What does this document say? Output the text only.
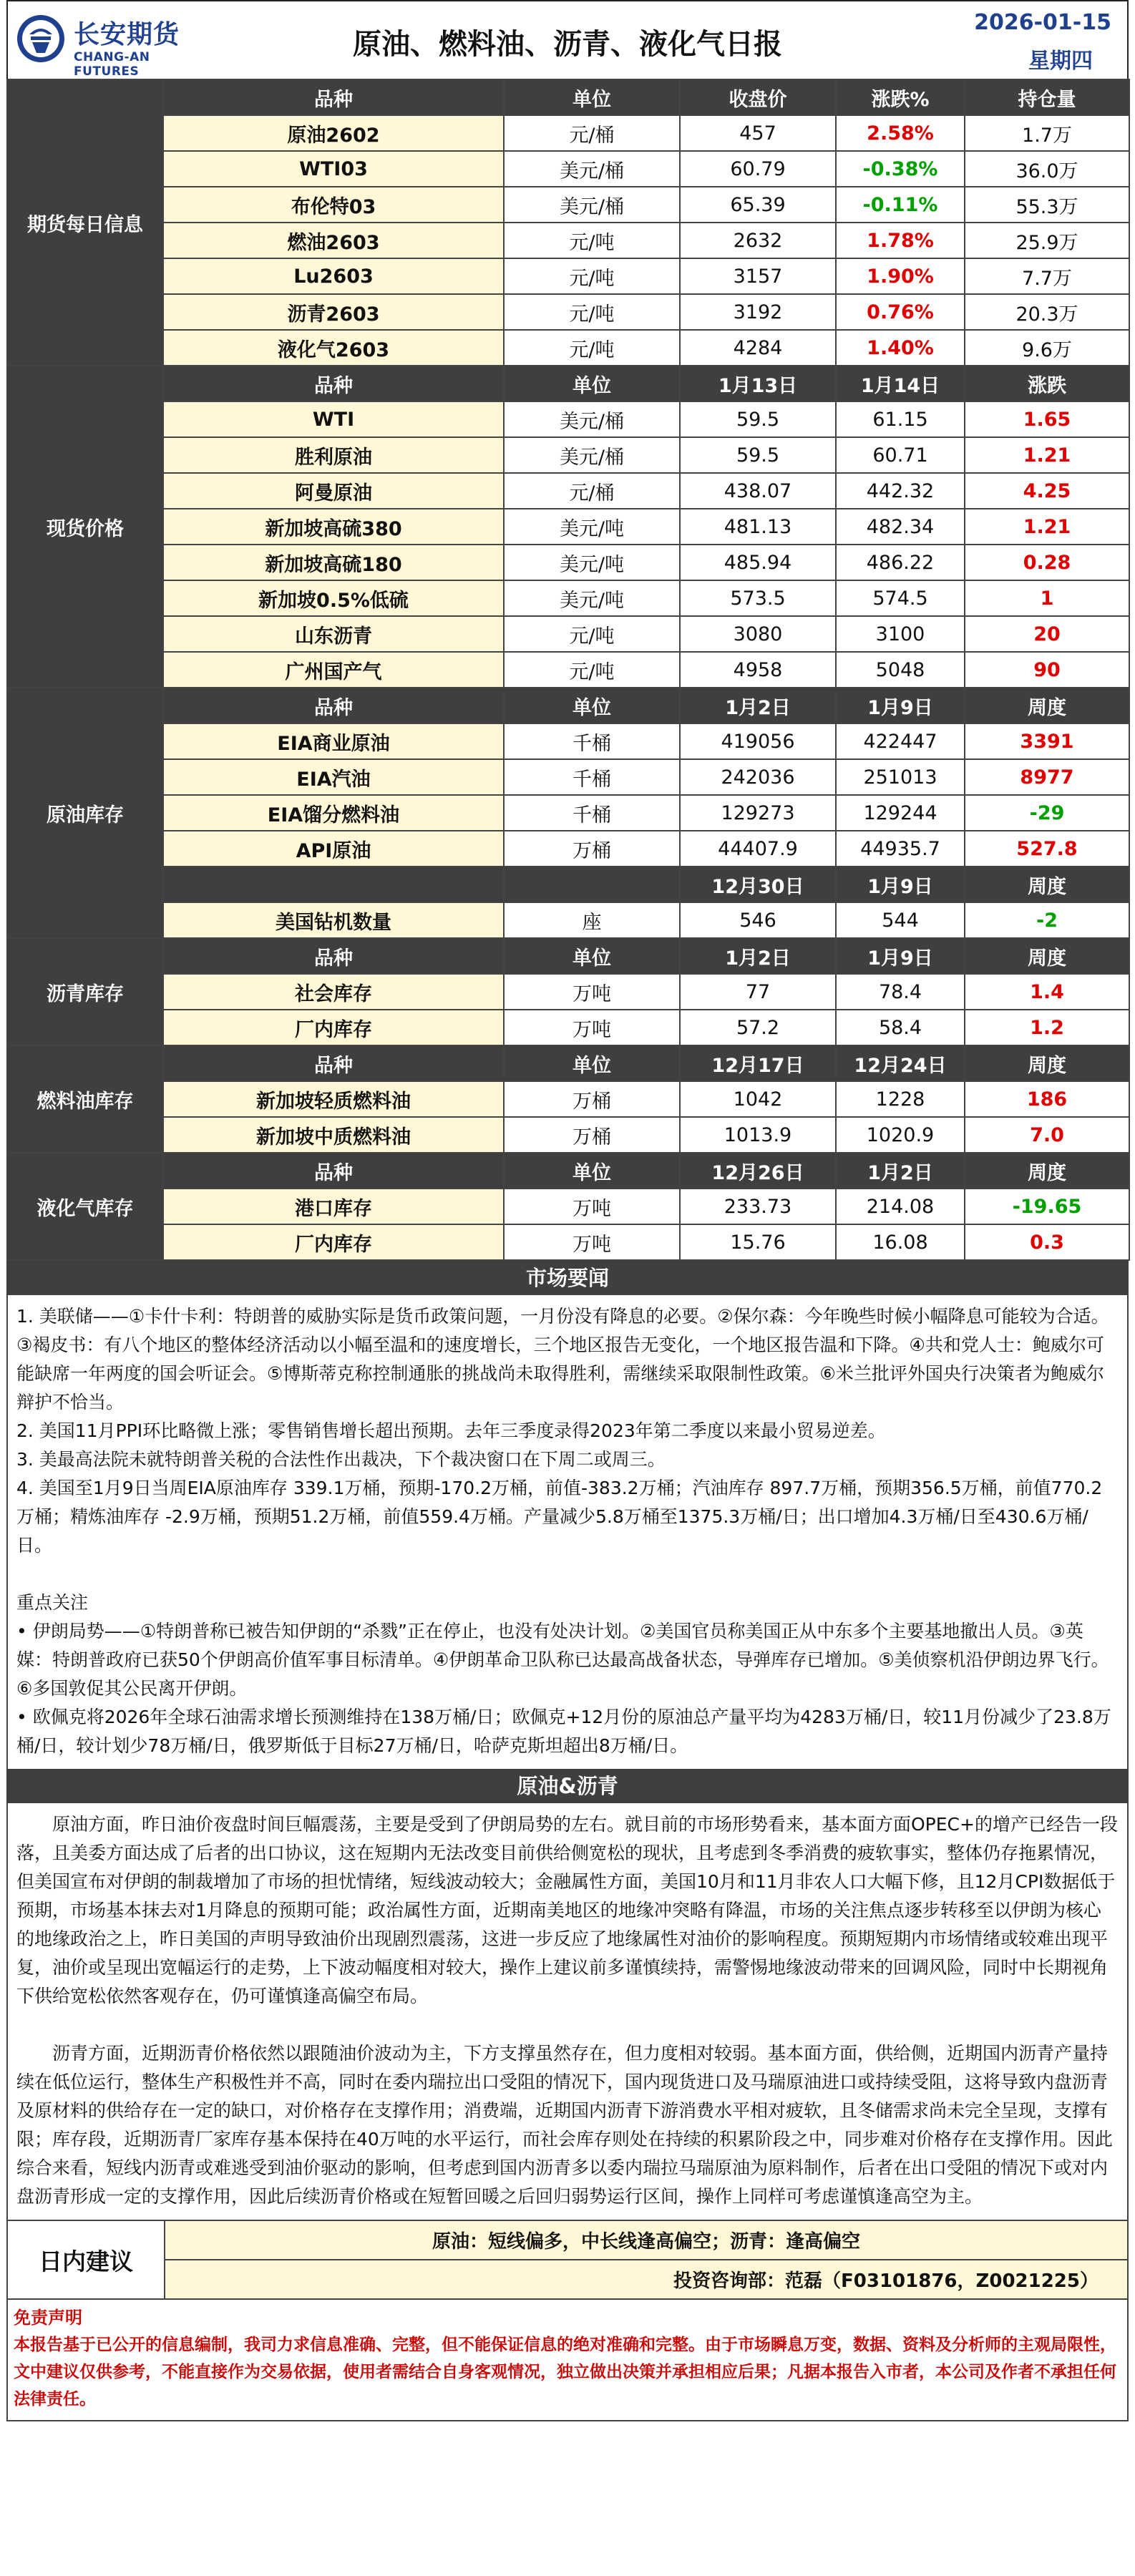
长安期货
CHANG-AN FUTURES
原油、燃料油、沥青、液化气日报
2026-01-15
星期四
期货每日信息	品种	单位	收盘价	涨跌%	持仓量	
	原油2602	元/桶	457	2.58%	1.7万	
	WTI03	美元/桶	60.79	-0.38%	36.0万	
	布伦特03	美元/桶	65.39	-0.11%	55.3万	
	燃油2603	元/吨	2632	1.78%	25.9万	
	Lu2603	元/吨	3157	1.90%	7.7万	
	沥青2603	元/吨	3192	0.76%	20.3万	
	液化气2603	元/吨	4284	1.40%	9.6万	
现货价格	品种	单位	1月13日	1月14日	涨跌	
	WTI	美元/桶	59.5	61.15	1.65	
	胜利原油	美元/桶	59.5	60.71	1.21	
	阿曼原油	元/桶	438.07	442.32	4.25	
	新加坡高硫380	美元/吨	481.13	482.34	1.21	
	新加坡高硫180	美元/吨	485.94	486.22	0.28	
	新加坡0.5%低硫	美元/吨	573.5	574.5	1	
	山东沥青	元/吨	3080	3100	20	
	广州国产气	元/吨	4958	5048	90	
原油库存	品种	单位	1月2日	1月9日	周度	
	EIA商业原油	千桶	419056	422447	3391	

	EIA汽油	千桶	242036	251013	8977	

	EIA馏分燃料油	千桶	129273	129244	-29	

	API原油	万桶	44407.9	44935.7	527.8	

			12月30日	1月9日	周度	
	美国钻机数量	座	546	544	-2	

沥青库存	品种	单位	1月2日	1月9日	周度	
	社会库存	万吨	77	78.4	1.4	

	厂内库存	万吨	57.2	58.4	1.2	

燃料油库存	品种	单位	12月17日	12月24日	周度	
	新加坡轻质燃料油	万桶	1042	1228	186	

	新加坡中质燃料油	万桶	1013.9	1020.9	7.0	

液化气库存	品种	单位	12月26日	1月2日	周度	
	港口库存	万吨	233.73	214.08	-19.65	

	厂内库存	万吨	15.76	16.08	0.3	
市场要闻

1. 美联储——①卡什卡利：特朗普的威胁实际是货币政策问题，一月份没有降息的必要。②保尔森：今年晚些时候小幅降息可能较为合适。③褐皮书：有八个地区的整体经济活动以小幅至温和的速度增长，三个地区报告无变化，一个地区报告温和下降。④共和党人士：鲍威尔可能缺席一年两度的国会听证会。⑤博斯蒂克称控制通胀的挑战尚未取得胜利，需继续采取限制性政策。⑥米兰批评外国央行决策者为鲍威尔辩护不恰当。

2. 美国11月PPI环比略微上涨；零售销售增长超出预期。去年三季度录得2023年第二季度以来最小贸易逆差。

3. 美最高法院未就特朗普关税的合法性作出裁决，下个裁决窗口在下周二或周三。

4. 美国至1月9日当周EIA原油库存 339.1万桶，预期-170.2万桶，前值-383.2万桶；汽油库存 897.7万桶，预期356.5万桶，前值770.2万桶；精炼油库存 -2.9万桶，预期51.2万桶，前值559.4万桶。产量减少5.8万桶至1375.3万桶/日；出口增加4.3万桶/日至430.6万桶/日。

重点关注

• 伊朗局势——①特朗普称已被告知伊朗的“杀戮”正在停止，也没有处决计划。②美国官员称美国正从中东多个主要基地撤出人员。③英媒：特朗普政府已获50个伊朗高价值军事目标清单。④伊朗革命卫队称已达最高战备状态，导弹库存已增加。⑤美侦察机沿伊朗边界飞行。⑥多国敦促其公民离开伊朗。

• 欧佩克将2026年全球石油需求增长预测维持在138万桶/日；欧佩克+12月份的原油总产量平均为4283万桶/日，较11月份减少了23.8万桶/日，较计划少78万桶/日，俄罗斯低于目标27万桶/日，哈萨克斯坦超出8万桶/日。

原油&沥青

原油方面，昨日油价夜盘时间巨幅震荡，主要是受到了伊朗局势的左右。就目前的市场形势看来，基本面方面OPEC+的增产已经告一段落，且美委方面达成了后者的出口协议，这在短期内无法改变目前供给侧宽松的现状，且考虑到冬季消费的疲软事实，整体仍存拖累情况，但美国宣布对伊朗的制裁增加了市场的担忧情绪，短线波动较大；金融属性方面，美国10月和11月非农人口大幅下修，且12月CPI数据低于预期，市场基本抹去对1月降息的预期可能；政治属性方面，近期南美地区的地缘冲突略有降温，市场的关注焦点逐步转移至以伊朗为核心的地缘政治之上，昨日美国的声明导致油价出现剧烈震荡，这进一步反应了地缘属性对油价的影响程度。预期短期内市场情绪或较难出现平复，油价或呈现出宽幅运行的走势，上下波动幅度相对较大，操作上建议前多谨慎续持，需警惕地缘波动带来的回调风险，同时中长期视角下供给宽松依然客观存在，仍可谨慎逢高偏空布局。

沥青方面，近期沥青价格依然以跟随油价波动为主，下方支撑虽然存在，但力度相对较弱。基本面方面，供给侧，近期国内沥青产量持续在低位运行，整体生产积极性并不高，同时在委内瑞拉出口受阻的情况下，国内现货进口及马瑞原油进口或持续受阻，这将导致内盘沥青及原材料的供给存在一定的缺口，对价格存在支撑作用；消费端，近期国内沥青下游消费水平相对疲软，且冬储需求尚未完全呈现，支撑有限；库存段，近期沥青厂家库存基本保持在40万吨的水平运行，而社会库存则处在持续的积累阶段之中，同步难对价格存在支撑作用。因此综合来看，短线内沥青或难逃受到油价驱动的影响，但考虑到国内沥青多以委内瑞拉马瑞原油为原料制作，后者在出口受阻的情况下或对内盘沥青形成一定的支撑作用，因此后续沥青价格或在短暂回暖之后回归弱势运行区间，操作上同样可考虑谨慎逢高空为主。

日内建议
原油：短线偏多，中长线逢高偏空；沥青：逢高偏空
投资咨询部：范磊（F03101876，Z0021225）
免责声明
本报告基于已公开的信息编制，我司力求信息准确、完整，但不能保证信息的绝对准确和完整。由于市场瞬息万变，数据、资料及分析师的主观局限性，文中建议仅供参考，不能直接作为交易依据，使用者需结合自身客观情况，独立做出决策并承担相应后果；凡据本报告入市者，本公司及作者不承担任何法律责任。
